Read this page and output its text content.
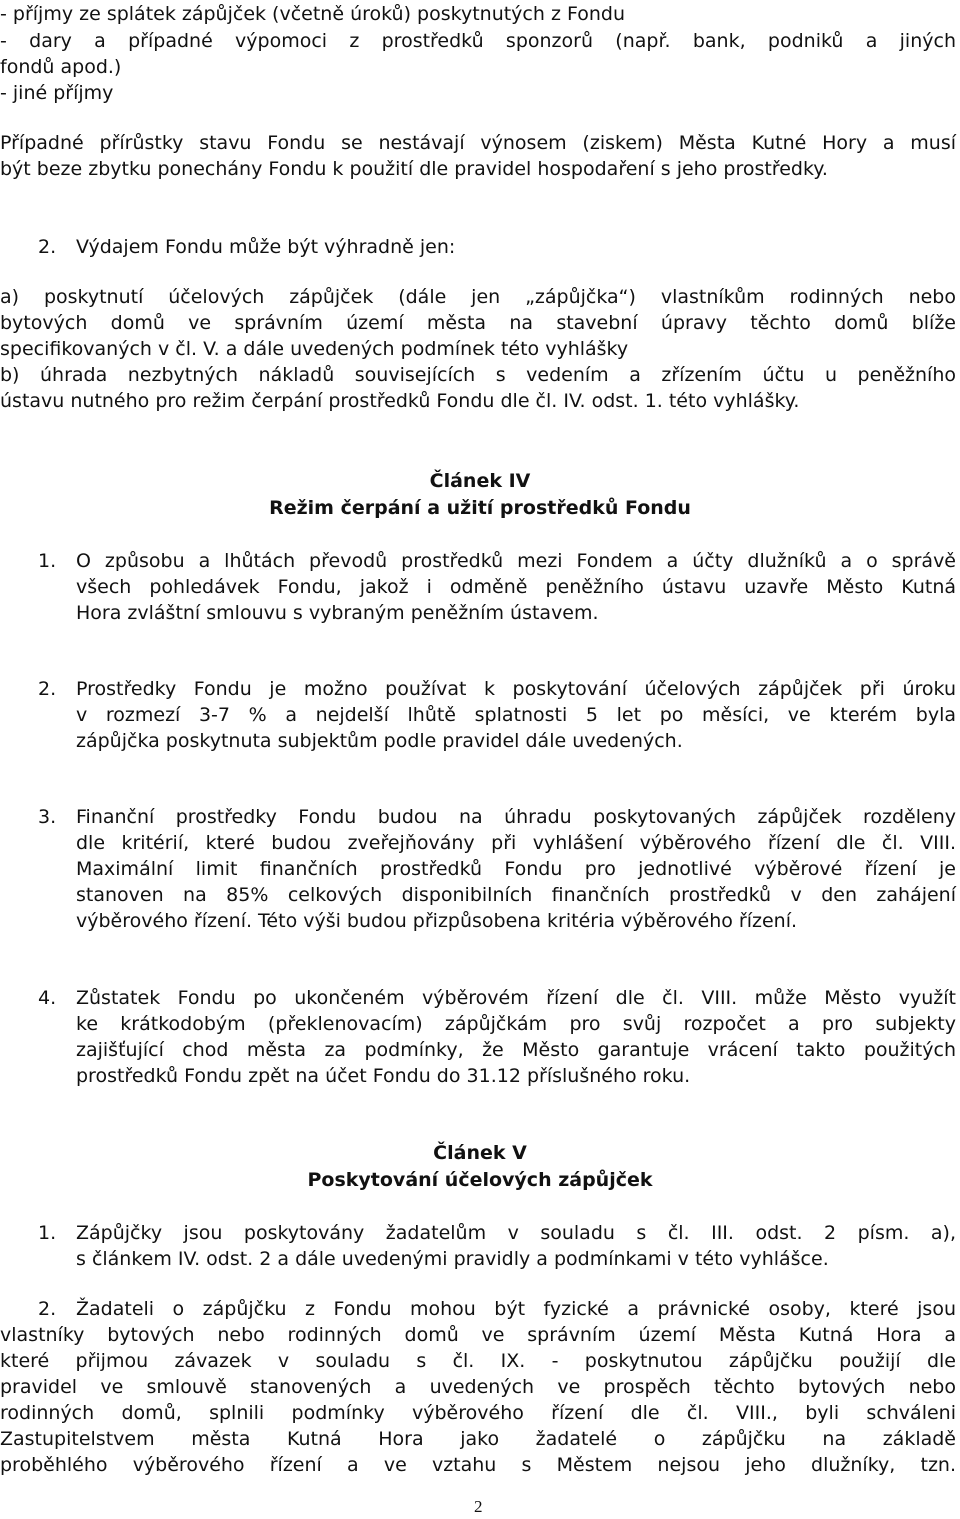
- příjmy ze splátek zápůjček (včetně úroků) poskytnutých z Fondu

- dary a případné výpomoci z prostředků sponzorů (např. bank, podniků a jiných

fondů apod.)

- jiné příjmy

Případné přírůstky stavu Fondu se nestávají výnosem (ziskem) Města Kutné Hory a musí

být beze zbytku ponechány Fondu k použití dle pravidel hospodaření s jeho prostředky.

2. Výdajem Fondu může být výhradně jen:

a) poskytnutí účelových zápůjček (dále jen „zápůjčka“) vlastníkům rodinných nebo

bytových domů ve správním území města na stavební úpravy těchto domů blíže

specifikovaných v čl. V. a dále uvedených podmínek této vyhlášky

b) úhrada nezbytných nákladů souvisejících s vedením a zřízením účtu u peněžního

ústavu nutného pro režim čerpání prostředků Fondu dle čl. IV. odst. 1. této vyhlášky.

Článek IV

Režim čerpání a užití prostředků Fondu

1. O způsobu a lhůtách převodů prostředků mezi Fondem a účty dlužníků a o správě

všech pohledávek Fondu, jakož i odměně peněžního ústavu uzavře Město Kutná

Hora zvláštní smlouvu s vybraným peněžním ústavem.

2. Prostředky Fondu je možno používat k poskytování účelových zápůjček při úroku

v rozmezí 3-7 % a nejdelší lhůtě splatnosti 5 let po měsíci, ve kterém byla

zápůjčka poskytnuta subjektům podle pravidel dále uvedených.

3. Finanční prostředky Fondu budou na úhradu poskytovaných zápůjček rozděleny

dle kritérií, které budou zveřejňovány při vyhlášení výběrového řízení dle čl. VIII.

Maximální limit finančních prostředků Fondu pro jednotlivé výběrové řízení je

stanoven na 85% celkových disponibilních finančních prostředků v den zahájení

výběrového řízení. Této výši budou přizpůsobena kritéria výběrového řízení.

4. Zůstatek Fondu po ukončeném výběrovém řízení dle čl. VIII. může Město využít

ke krátkodobým (překlenovacím) zápůjčkám pro svůj rozpočet a pro subjekty

zajišťující chod města za podmínky, že Město garantuje vrácení takto použitých

prostředků Fondu zpět na účet Fondu do 31.12 příslušného roku.

Článek V

Poskytování účelových zápůjček

1. Zápůjčky jsou poskytovány žadatelům v souladu s čl. III. odst. 2 písm. a),

s článkem IV. odst. 2 a dále uvedenými pravidly a podmínkami v této vyhlášce.

2. Žadateli o zápůjčku z Fondu mohou být fyzické a právnické osoby, které jsou

vlastníky bytových nebo rodinných domů ve správním území Města Kutná Hora a

které přijmou závazek v souladu s čl. IX. - poskytnutou zápůjčku použijí dle

pravidel ve smlouvě stanovených a uvedených ve prospěch těchto bytových nebo

rodinných domů, splnili podmínky výběrového řízení dle čl. VIII., byli schváleni

Zastupitelstvem města Kutná Hora jako žadatelé o zápůjčku na základě

proběhlého výběrového řízení a ve vztahu s Městem nejsou jeho dlužníky, tzn.

2
